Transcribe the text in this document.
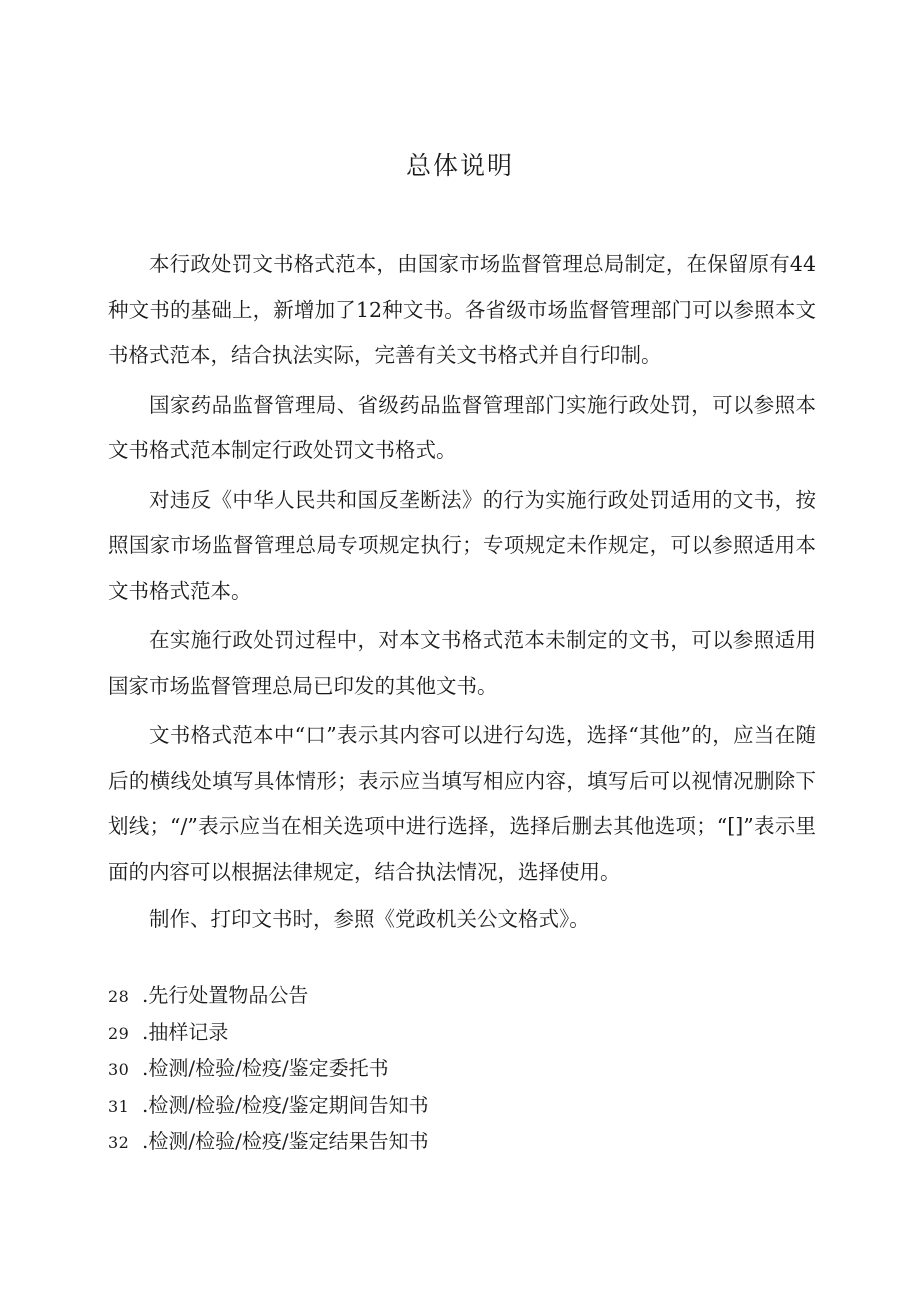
总体说明

本行政处罚文书格式范本，由国家市场监督管理总局制定，在保留原有44种文书的基础上，新增加了12种文书。各省级市场监督管理部门可以参照本文书格式范本，结合执法实际，完善有关文书格式并自行印制。

国家药品监督管理局、省级药品监督管理部门实施行政处罚，可以参照本文书格式范本制定行政处罚文书格式。

对违反《中华人民共和国反垄断法》的行为实施行政处罚适用的文书，按照国家市场监督管理总局专项规定执行；专项规定未作规定，可以参照适用本文书格式范本。

在实施行政处罚过程中，对本文书格式范本未制定的文书，可以参照适用国家市场监督管理总局已印发的其他文书。

文书格式范本中“口”表示其内容可以进行勾选，选择“其他”的，应当在随后的横线处填写具体情形；表示应当填写相应内容，填写后可以视情况删除下划线；“/”表示应当在相关选项中进行选择，选择后删去其他选项；“[]”表示里面的内容可以根据法律规定，结合执法情况，选择使用。

制作、打印文书时，参照《党政机关公文格式》。

28 .先行处置物品公告
29 .抽样记录
30 .检测/检验/检疫/鉴定委托书
31 .检测/检验/检疫/鉴定期间告知书
32 .检测/检验/检疫/鉴定结果告知书
